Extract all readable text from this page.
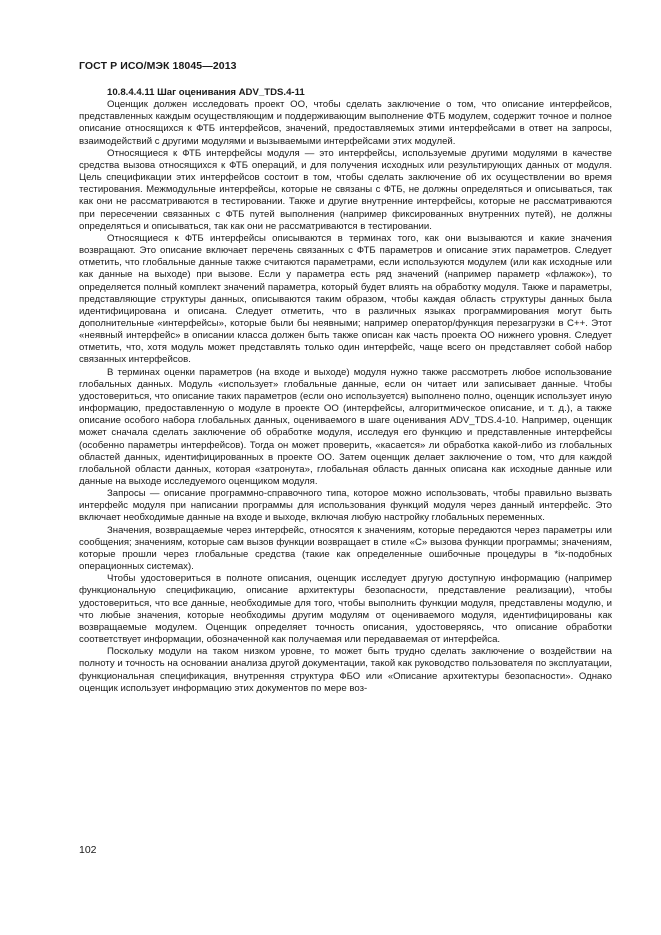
ГОСТ Р ИСО/МЭК 18045—2013

10.8.4.4.11 Шаг оценивания ADV_TDS.4-11

Оценщик должен исследовать проект ОО, чтобы сделать заключение о том, что описание интерфейсов, представленных каждым осуществляющим и поддерживающим выполнение ФТБ модулем, содержит точное и полное описание относящихся к ФТБ интерфейсов, значений, предоставляемых этими интерфейсами в ответ на запросы, взаимодействий с другими модулями и вызываемыми интерфейсами этих модулей.

Относящиеся к ФТБ интерфейсы модуля — это интерфейсы, используемые другими модулями в качестве средства вызова относящихся к ФТБ операций, и для получения исходных или результирующих данных от модуля. Цель спецификации этих интерфейсов состоит в том, чтобы сделать заключение об их осуществлении во время тестирования. Межмодульные интерфейсы, которые не связаны с ФТБ, не должны определяться и описываться, так как они не рассматриваются в тестировании. Также и другие внутренние интерфейсы, которые не рассматриваются при пересечении связанных с ФТБ путей выполнения (например фиксированных внутренних путей), не должны определяться и описываться, так как они не рассматриваются в тестировании.

Относящиеся к ФТБ интерфейсы описываются в терминах того, как они вызываются и какие значения возвращают. Это описание включает перечень связанных с ФТБ параметров и описание этих параметров. Следует отметить, что глобальные данные также считаются параметрами, если используются модулем (или как исходные или как данные на выходе) при вызове. Если у параметра есть ряд значений (например параметр «флажок»), то определяется полный комплект значений параметра, который будет влиять на обработку модуля. Также и параметры, представляющие структуры данных, описываются таким образом, чтобы каждая область структуры данных была идентифицирована и описана. Следует отметить, что в различных языках программирования могут быть дополнительные «интерфейсы», которые были бы неявными; например оператор/функция перезагрузки в C++. Этот «неявный интерфейс» в описании класса должен быть также описан как часть проекта ОО нижнего уровня. Следует отметить, что, хотя модуль может представлять только один интерфейс, чаще всего он представляет собой набор связанных интерфейсов.

В терминах оценки параметров (на входе и выходе) модуля нужно также рассмотреть любое использование глобальных данных. Модуль «использует» глобальные данные, если он читает или записывает данные. Чтобы удостовериться, что описание таких параметров (если оно используется) выполнено полно, оценщик использует иную информацию, предоставленную о модуле в проекте ОО (интерфейсы, алгоритмическое описание, и т. д.), а также описание особого набора глобальных данных, оцениваемого в шаге оценивания ADV_TDS.4-10. Например, оценщик может сначала сделать заключение об обработке модуля, исследуя его функцию и представленные интерфейсы (особенно параметры интерфейсов). Тогда он может проверить, «касается» ли обработка какой-либо из глобальных областей данных, идентифицированных в проекте ОО. Затем оценщик делает заключение о том, что для каждой глобальной области данных, которая «затронута», глобальная область данных описана как исходные данные или данные на выходе исследуемого оценщиком модуля.

Запросы — описание программно-справочного типа, которое можно использовать, чтобы правильно вызвать интерфейс модуля при написании программы для использования функций модуля через данный интерфейс. Это включает необходимые данные на входе и выходе, включая любую настройку глобальных переменных.

Значения, возвращаемые через интерфейс, относятся к значениям, которые передаются через параметры или сообщения; значениям, которые сам вызов функции возвращает в стиле «С» вызова функции программы; значениям, которые прошли через глобальные средства (такие как определенные ошибочные процедуры в *ix-подобных операционных системах).

Чтобы удостовериться в полноте описания, оценщик исследует другую доступную информацию (например функциональную спецификацию, описание архитектуры безопасности, представление реализации), чтобы удостовериться, что все данные, необходимые для того, чтобы выполнить функции модуля, представлены модулю, и что любые значения, которые необходимы другим модулям от оцениваемого модуля, идентифицированы как возвращаемые модулем. Оценщик определяет точность описания, удостоверяясь, что описание обработки соответствует информации, обозначенной как получаемая или передаваемая от интерфейса.

Поскольку модули на таком низком уровне, то может быть трудно сделать заключение о воздействии на полноту и точность на основании анализа другой документации, такой как руководство пользователя по эксплуатации, функциональная спецификация, внутренняя структура ФБО или «Описание архитектуры безопасности». Однако оценщик использует информацию этих документов по мере воз-

102
